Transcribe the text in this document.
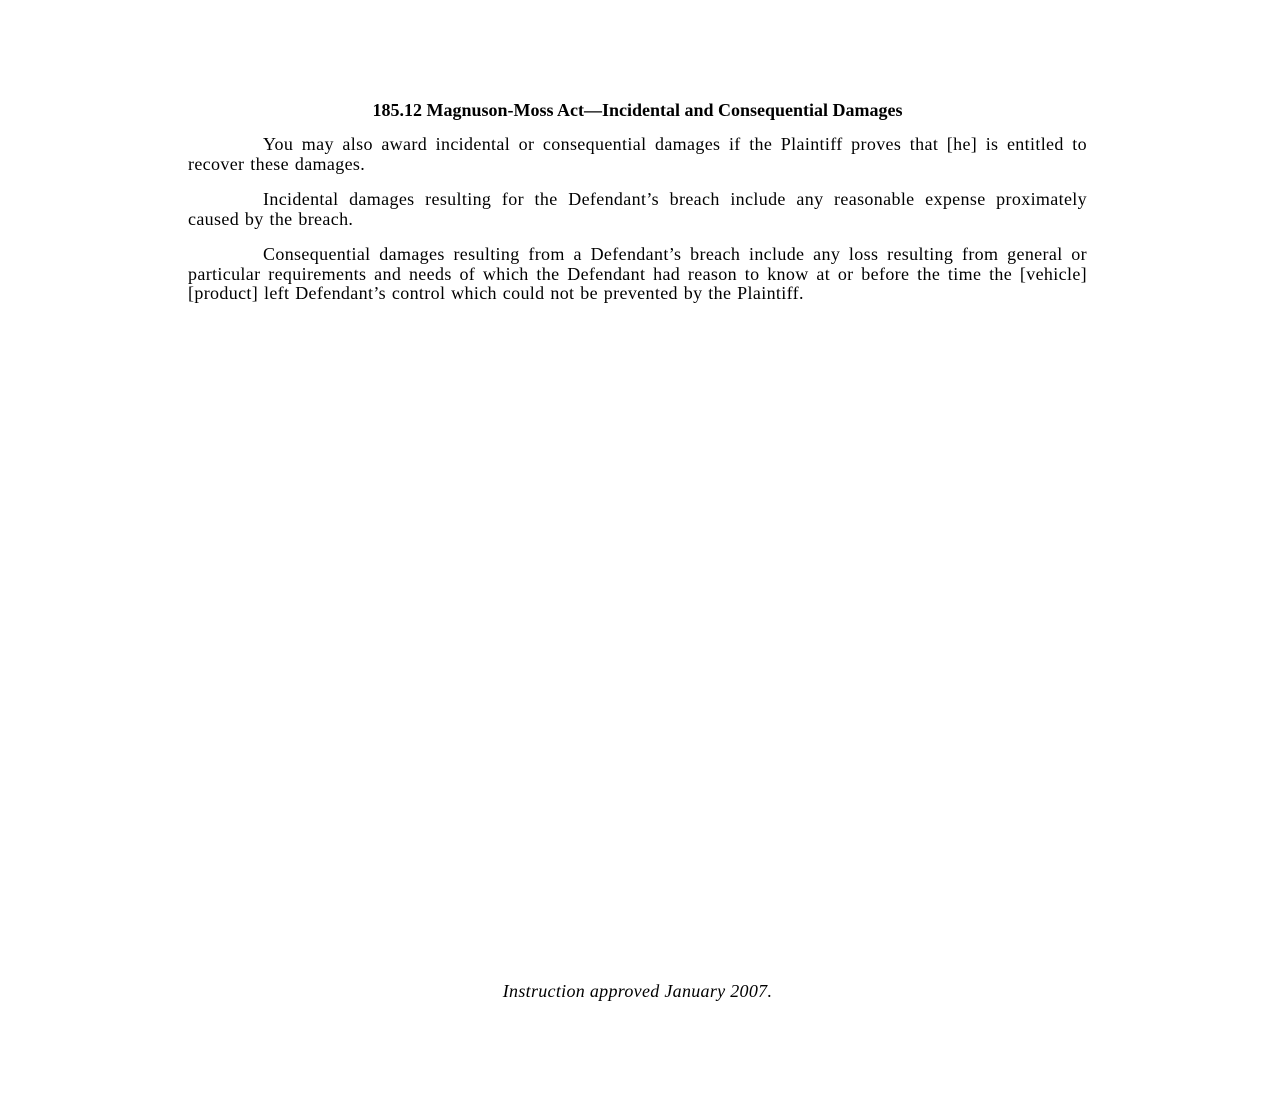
185.12 Magnuson-Moss Act—Incidental and Consequential Damages

You may also award incidental or consequential damages if the Plaintiff proves that [he] is entitled to recover these damages.

Incidental damages resulting for the Defendant’s breach include any reasonable expense proximately caused by the breach.

Consequential damages resulting from a Defendant’s breach include any loss resulting from general or particular requirements and needs of which the Defendant had reason to know at or before the time the [vehicle] [product] left Defendant’s control which could not be prevented by the Plaintiff.

Instruction approved January 2007.
